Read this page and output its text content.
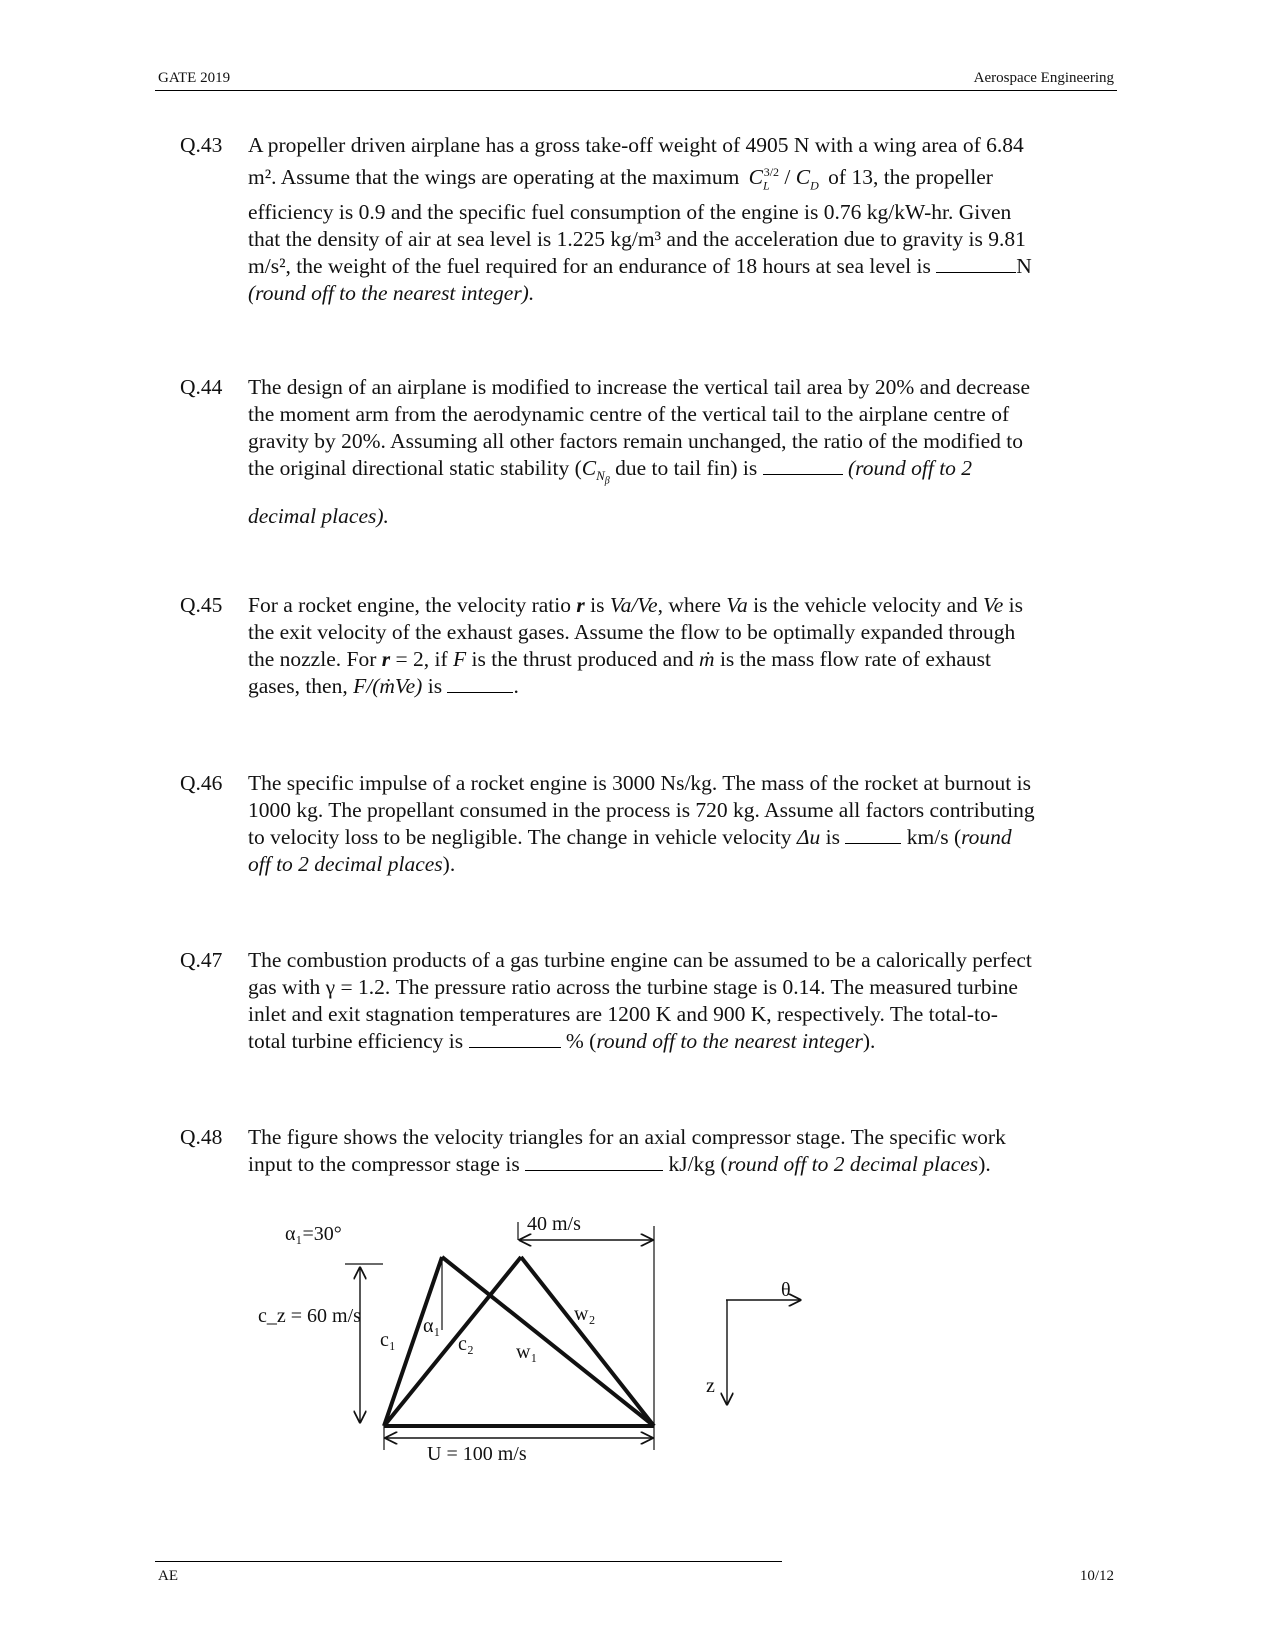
GATE 2019	Aerospace Engineering
Q.43 A propeller driven airplane has a gross take-off weight of 4905 N with a wing area of 6.84
m². Assume that the wings are operating at the maximum $C_L^{3/2} / C_D$ of 13, the propeller
efficiency is 0.9 and the specific fuel consumption of the engine is 0.76 kg/kW-hr. Given
that the density of air at sea level is 1.225 kg/m³ and the acceleration due to gravity is 9.81
m/s², the weight of the fuel required for an endurance of 18 hours at sea level is	N
(round off to the nearest integer).
Q.44 The design of an airplane is modified to increase the vertical tail area by 20% and decrease
the moment arm from the aerodynamic centre of the vertical tail to the airplane centre of
gravity by 20%. Assuming all other factors remain unchanged, the ratio of the modified to
the original directional static stability ($C_{N_\beta}$ due to tail fin) is	(round off to 2
decimal places).
Q.45 For a rocket engine, the velocity ratio r is Va/Ve, where Va is the vehicle velocity and Ve is
the exit velocity of the exhaust gases. Assume the flow to be optimally expanded through
the nozzle. For r = 2, if F is the thrust produced and ṁ is the mass flow rate of exhaust
gases, then, F/(ṁVe) is	.
Q.46 The specific impulse of a rocket engine is 3000 Ns/kg. The mass of the rocket at burnout is
1000 kg. The propellant consumed in the process is 720 kg. Assume all factors contributing
to velocity loss to be negligible. The change in vehicle velocity Δu is	km/s (round
off to 2 decimal places).
Q.47 The combustion products of a gas turbine engine can be assumed to be a calorically perfect
gas with γ = 1.2. The pressure ratio across the turbine stage is 0.14. The measured turbine
inlet and exit stagnation temperatures are 1200 K and 900 K, respectively. The total-to-
total turbine efficiency is	% (round off to the nearest integer).
Q.48 The figure shows the velocity triangles for an axial compressor stage. The specific work
input to the compressor stage is	kJ/kg (round off to 2 decimal places).
α₁=30°
c_z = 60 m/s
40 m/s
U = 100 m/s
c₁
α₁
c₂ w₁
w₂
θ
z
AE	10/12
